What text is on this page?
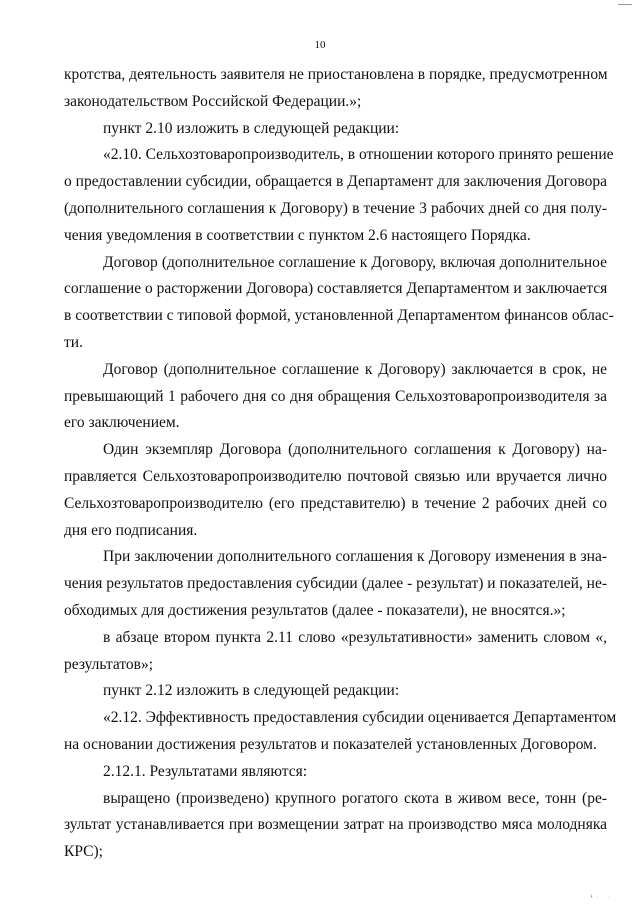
10
кротства, деятельность заявителя не приостановлена в порядке, предусмотренном
законодательством Российской Федерации.»;
пункт 2.10 изложить в следующей редакции:
«2.10. Сельхозтоваропроизводитель, в отношении которого принято решение
о предоставлении субсидии, обращается в Департамент для заключения Договора
(дополнительного соглашения к Договору) в течение 3 рабочих дней со дня полу-
чения уведомления в соответствии с пунктом 2.6 настоящего Порядка.
Договор (дополнительное соглашение к Договору, включая дополнительное
соглашение о расторжении Договора) составляется Департаментом и заключается
в соответствии с типовой формой, установленной Департаментом финансов облас-
ти.
Договор (дополнительное соглашение к Договору) заключается в срок, не
превышающий 1 рабочего дня со дня обращения Сельхозтоваропроизводителя за
его заключением.
Один экземпляр Договора (дополнительного соглашения к Договору) на-
правляется Сельхозтоваропроизводителю почтовой связью или вручается лично
Сельхозтоваропроизводителю (его представителю) в течение 2 рабочих дней со
дня его подписания.
При заключении дополнительного соглашения к Договору изменения в зна-
чения результатов предоставления субсидии (далее - результат) и показателей, не-
обходимых для достижения результатов (далее - показатели), не вносятся.»;
в абзаце втором пункта 2.11 слово «результативности» заменить словом «,
результатов»;
пункт 2.12 изложить в следующей редакции:
«2.12. Эффективность предоставления субсидии оценивается Департаментом
на основании достижения результатов и показателей установленных Договором.
2.12.1. Результатами являются:
выращено (произведено) крупного рогатого скота в живом весе, тонн (ре-
зультат устанавливается при возмещении затрат на производство мяса молодняка
КРС);
ᵏ· ·
